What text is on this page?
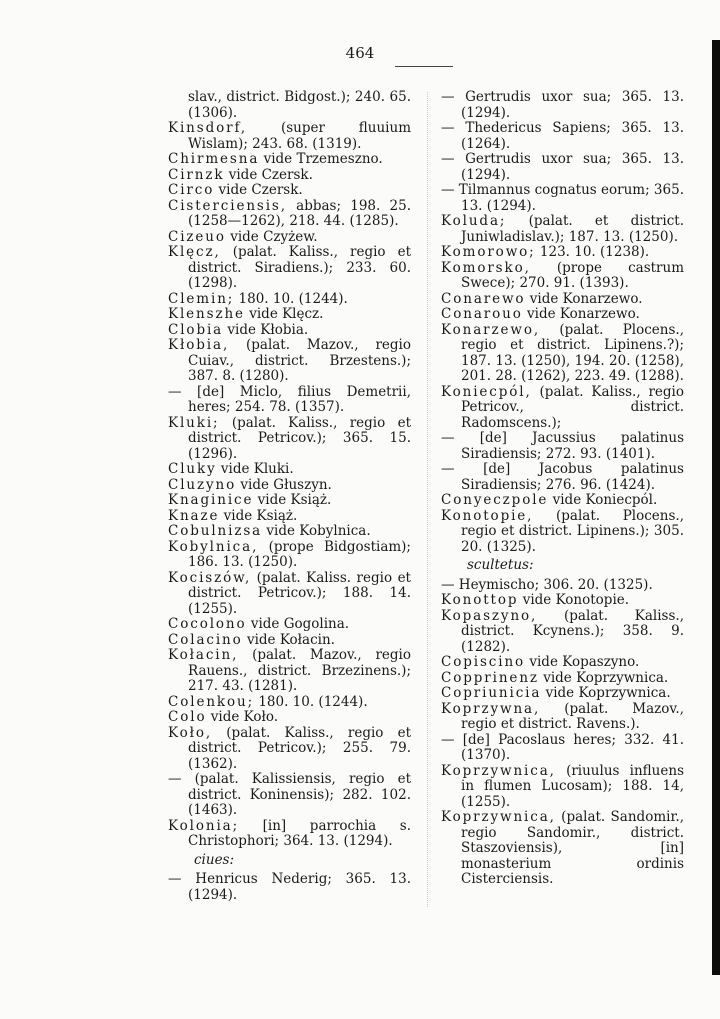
464

slav., district. Bidgost.); 240. 65. (1306).

Kinsdorf, (super fluuium Wislam); 243. 68. (1319).

Chirmesna vide Trzemeszno.

Cirnzk vide Czersk.

Circo vide Czersk.

Cisterciensis, abbas; 198. 25. (1258—1262), 218. 44. (1285).

Cizeuo vide Czyżew.

Klęcz, (palat. Kaliss., regio et district. Siradiens.); 233. 60. (1298).

Clemin; 180. 10. (1244).

Klenszhe vide Klęcz.

Clobia vide Kłobia.

Kłobia, (palat. Mazov., regio Cuiav., district. Brzestens.); 387. 8. (1280).

— [de] Miclo, filius Demetrii, heres; 254. 78. (1357).

Kluki; (palat. Kaliss., regio et district. Petricov.); 365. 15. (1296).

Cluky vide Kluki.

Cluzyno vide Głuszyn.

Knaginice vide Książ.

Knaze vide Książ.

Cobulnizsa vide Kobylnica.

Kobylnica, (prope Bidgostiam); 186. 13. (1250).

Kociszów, (palat. Kaliss. regio et district. Petricov.); 188. 14. (1255).

Cocolono vide Gogolina.

Colacino vide Kołacin.

Kołacin, (palat. Mazov., regio Rauens., district. Brzezinens.); 217. 43. (1281).

Colenkou; 180. 10. (1244).

Colo vide Koło.

Koło, (palat. Kaliss., regio et district. Petricov.); 255. 79. (1362).

— (palat. Kalissiensis, regio et district. Koninensis); 282. 102. (1463).

Kolonia; [in] parrochia s. Christophori; 364. 13. (1294).

ciues:

— Henricus Nederig; 365. 13. (1294).

— Gertrudis uxor sua; 365. 13. (1294).

— Thedericus Sapiens; 365. 13. (1264).

— Gertrudis uxor sua; 365. 13. (1294).

— Tilmannus cognatus eorum; 365. 13. (1294).

Koluda; (palat. et district. Juniwladislav.); 187. 13. (1250).

Komorowo; 123. 10. (1238).

Komorsko, (prope castrum Swece); 270. 91. (1393).

Conarewo vide Konarzewo.

Conarouo vide Konarzewo.

Konarzewo, (palat. Plocens., regio et district. Lipinens.?); 187. 13. (1250), 194. 20. (1258), 201. 28. (1262), 223. 49. (1288).

Koniecpól, (palat. Kaliss., regio Petricov., district. Radomscens.);

— [de] Jacussius palatinus Siradiensis; 272. 93. (1401).

— [de] Jacobus palatinus Siradiensis; 276. 96. (1424).

Conyeczpole vide Koniecpól.

Konotopie, (palat. Plocens., regio et district. Lipinens.); 305. 20. (1325).

scultetus:

— Heymischo; 306. 20. (1325).

Konottop vide Konotopie.

Kopaszyno, (palat. Kaliss., district. Kcynens.); 358. 9. (1282).

Copiscino vide Kopaszyno.

Copprinenz vide Koprzywnica.

Copriunicia vide Koprzywnica.

Koprzywna, (palat. Mazov., regio et district. Ravens.).

— [de] Pacoslaus heres; 332. 41. (1370).

Koprzywnica, (riuulus influens in flumen Lucosam); 188. 14, (1255).

Koprzywnica, (palat. Sandomir., regio Sandomir., district. Staszoviensis), [in] monasterium ordinis Cisterciensis.
